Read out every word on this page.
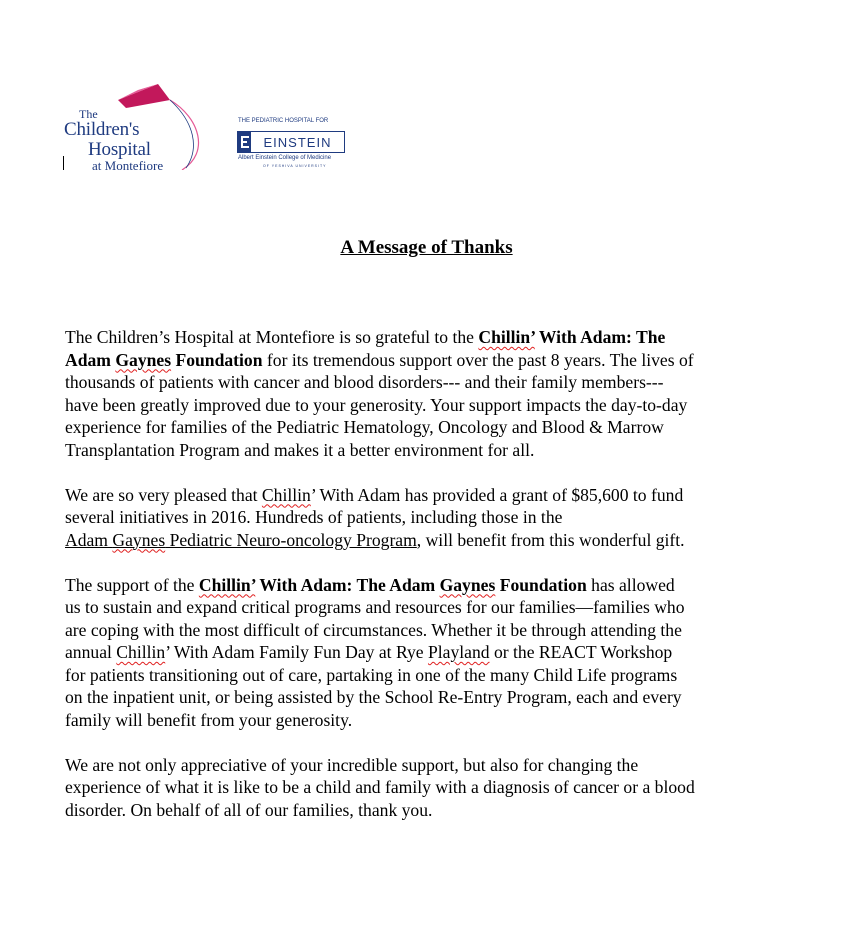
The
Children's
Hospital
at Montefiore
THE PEDIATRIC HOSPITAL FOR
EINSTEIN
Albert Einstein College of Medicine
OF YESHIVA UNIVERSITY
A Message of Thanks
The Children’s Hospital at Montefiore is so grateful to the Chillin’ With Adam: The
Adam Gaynes Foundation for its tremendous support over the past 8 years. The lives of
thousands of patients with cancer and blood disorders--- and their family members---
have been greatly improved due to your generosity. Your support impacts the day-to-day
experience for families of the Pediatric Hematology, Oncology and Blood & Marrow
Transplantation Program and makes it a better environment for all.
We are so very pleased that Chillin’ With Adam has provided a grant of $85,600 to fund
several initiatives in 2016. Hundreds of patients, including those in the
Adam Gaynes Pediatric Neuro-oncology Program, will benefit from this wonderful gift.
The support of the Chillin’ With Adam: The Adam Gaynes Foundation has allowed
us to sustain and expand critical programs and resources for our families—families who
are coping with the most difficult of circumstances. Whether it be through attending the
annual Chillin’ With Adam Family Fun Day at Rye Playland or the REACT Workshop
for patients transitioning out of care, partaking in one of the many Child Life programs
on the inpatient unit, or being assisted by the School Re-Entry Program, each and every
family will benefit from your generosity.
We are not only appreciative of your incredible support, but also for changing the
experience of what it is like to be a child and family with a diagnosis of cancer or a blood
disorder. On behalf of all of our families, thank you.
